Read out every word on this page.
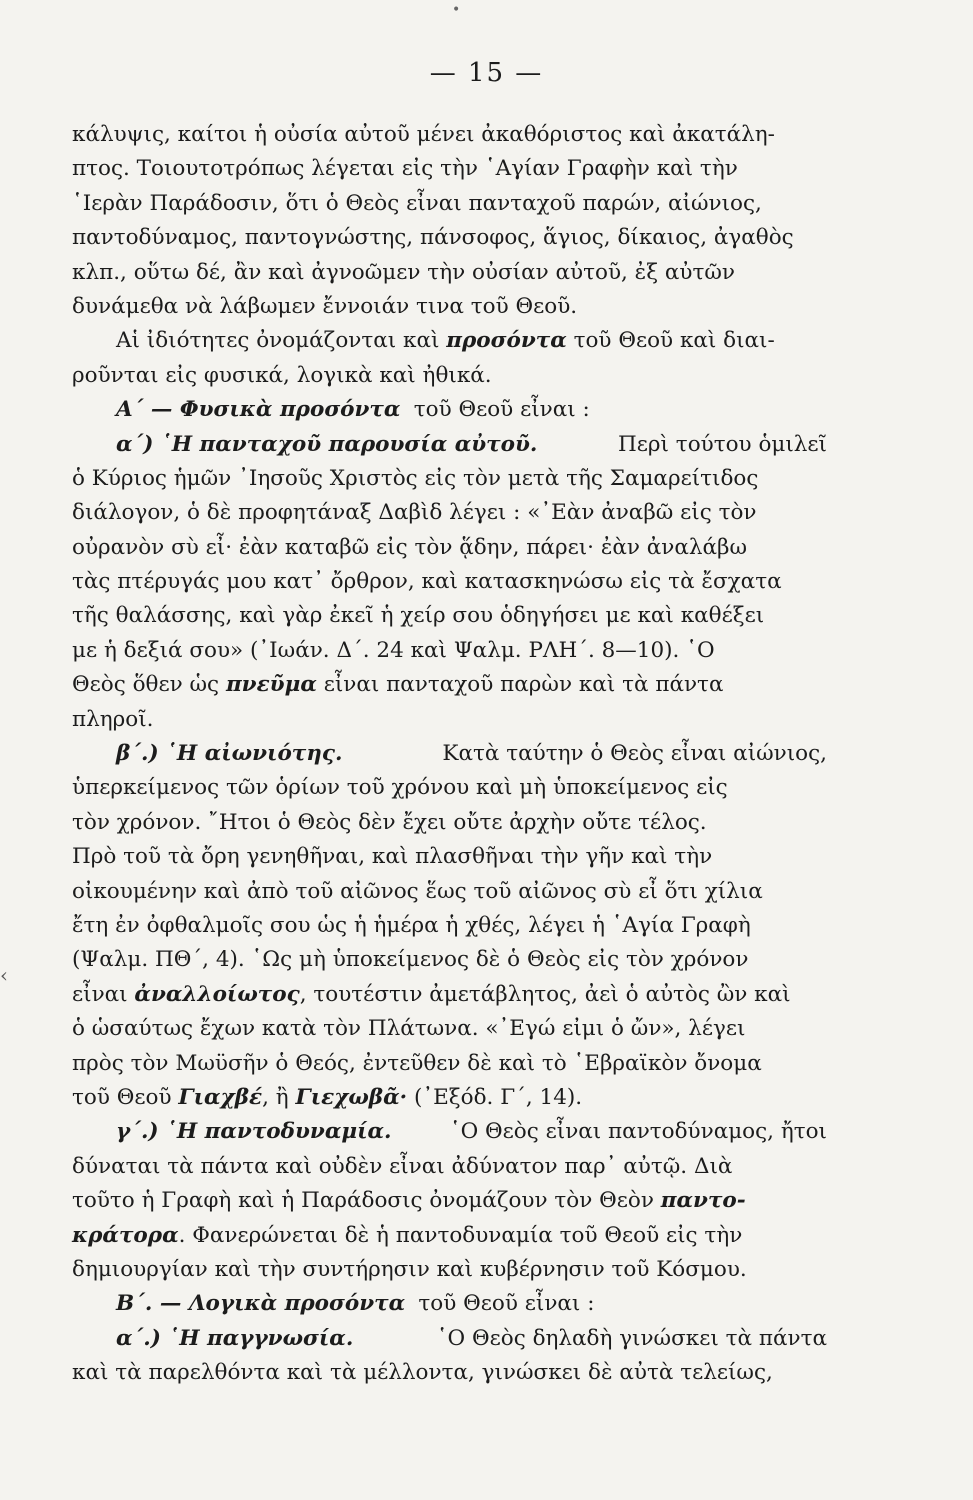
•
— 15 —
‹
κάλυψις, καίτοι ἡ οὐσία αὐτοῦ μένει ἀκαθόριστος καὶ ἀκατάλη-
πτος. Τοιουτοτρόπως λέγεται εἰς τὴν ῾Αγίαν Γραφὴν καὶ τὴν
῾Ιερὰν Παράδοσιν, ὅτι ὁ Θεὸς εἶναι πανταχοῦ παρών, αἰώνιος,
παντοδύναμος, παντογνώστης, πάνσοφος, ἅγιος, δίκαιος, ἀγαθὸς
κλπ., οὕτω δέ, ἂν καὶ ἀγνοῶμεν τὴν οὐσίαν αὐτοῦ, ἐξ αὐτῶν
δυνάμεθα νὰ λάβωμεν ἔννοιάν τινα τοῦ Θεοῦ.
Αἱ ἰδιότητες ὀνομάζονται καὶ προσόντα τοῦ Θεοῦ καὶ διαι-
ροῦνται εἰς φυσικά, λογικὰ καὶ ἠθικά.
Α΄ — Φυσικὰ προσόντα τοῦ Θεοῦ εἶναι :
α΄) ῾Η πανταχοῦ παρουσία αὐτοῦ.	Περὶ τούτου ὁμιλεῖ
ὁ Κύριος ἡμῶν ᾿Ιησοῦς Χριστὸς εἰς τὸν μετὰ τῆς Σαμαρείτιδος
διάλογον, ὁ δὲ προφητάναξ Δαβὶδ λέγει : «᾿Εὰν ἀναβῶ εἰς τὸν
οὐρανὸν σὺ εἶ· ἐὰν καταβῶ εἰς τὸν ᾅδην, πάρει· ἐὰν ἀναλάβω
τὰς πτέρυγάς μου κατ᾿ ὄρθρον, καὶ κατασκηνώσω εἰς τὰ ἔσχατα
τῆς θαλάσσης, καὶ γὰρ ἐκεῖ ἡ χείρ σου ὁδηγήσει με καὶ καθέξει
με ἡ δεξιά σου» (᾿Ιωάν. Δ΄. 24 καὶ Ψαλμ. ΡΛΗ΄. 8—10). ῾Ο
Θεὸς ὅθεν ὡς πνεῦμα εἶναι πανταχοῦ παρὼν καὶ τὰ πάντα
πληροῖ.
β΄.) ῾Η αἰωνιότης.	Κατὰ ταύτην ὁ Θεὸς εἶναι αἰώνιος,
ὑπερκείμενος τῶν ὁρίων τοῦ χρόνου καὶ μὴ ὑποκείμενος εἰς
τὸν χρόνον. ῎Ητοι ὁ Θεὸς δὲν ἔχει οὔτε ἀρχὴν οὔτε τέλος.
Πρὸ τοῦ τὰ ὄρη γενηθῆναι, καὶ πλασθῆναι τὴν γῆν καὶ τὴν
οἰκουμένην καὶ ἀπὸ τοῦ αἰῶνος ἕως τοῦ αἰῶνος σὺ εἶ ὅτι χίλια
ἔτη ἐν ὀφθαλμοῖς σου ὡς ἡ ἡμέρα ἡ χθές, λέγει ἡ ῾Αγία Γραφὴ
(Ψαλμ. ΠΘ΄, 4). ῾Ως μὴ ὑποκείμενος δὲ ὁ Θεὸς εἰς τὸν χρόνον
εἶναι ἀναλλοίωτος, τουτέστιν ἀμετάβλητος, ἀεὶ ὁ αὐτὸς ὢν καὶ
ὁ ὡσαύτως ἔχων κατὰ τὸν Πλάτωνα. «᾿Εγώ εἰμι ὁ ὤν», λέγει
πρὸς τὸν Μωϋσῆν ὁ Θεός, ἐντεῦθεν δὲ καὶ τὸ ῾Εβραϊκὸν ὄνομα
τοῦ Θεοῦ Γιαχβέ, ἢ Γιεχωβᾶ· (᾿Εξόδ. Γ΄, 14).
γ΄.) ῾Η παντοδυναμία. ῾Ο Θεὸς εἶναι παντοδύναμος, ἤτοι
δύναται τὰ πάντα καὶ οὐδὲν εἶναι ἀδύνατον παρ᾿ αὐτῷ. Διὰ
τοῦτο ἡ Γραφὴ καὶ ἡ Παράδοσις ὀνομάζουν τὸν Θεὸν παντο-
κράτορα. Φανερώνεται δὲ ἡ παντοδυναμία τοῦ Θεοῦ εἰς τὴν
δημιουργίαν καὶ τὴν συντήρησιν καὶ κυβέρνησιν τοῦ Κόσμου.
Β΄. — Λογικὰ προσόντα τοῦ Θεοῦ εἶναι :
α΄.) ῾Η παγγνωσία.	῾Ο Θεὸς δηλαδὴ γινώσκει τὰ πάντα
καὶ τὰ παρελθόντα καὶ τὰ μέλλοντα, γινώσκει δὲ αὐτὰ τελείως,
